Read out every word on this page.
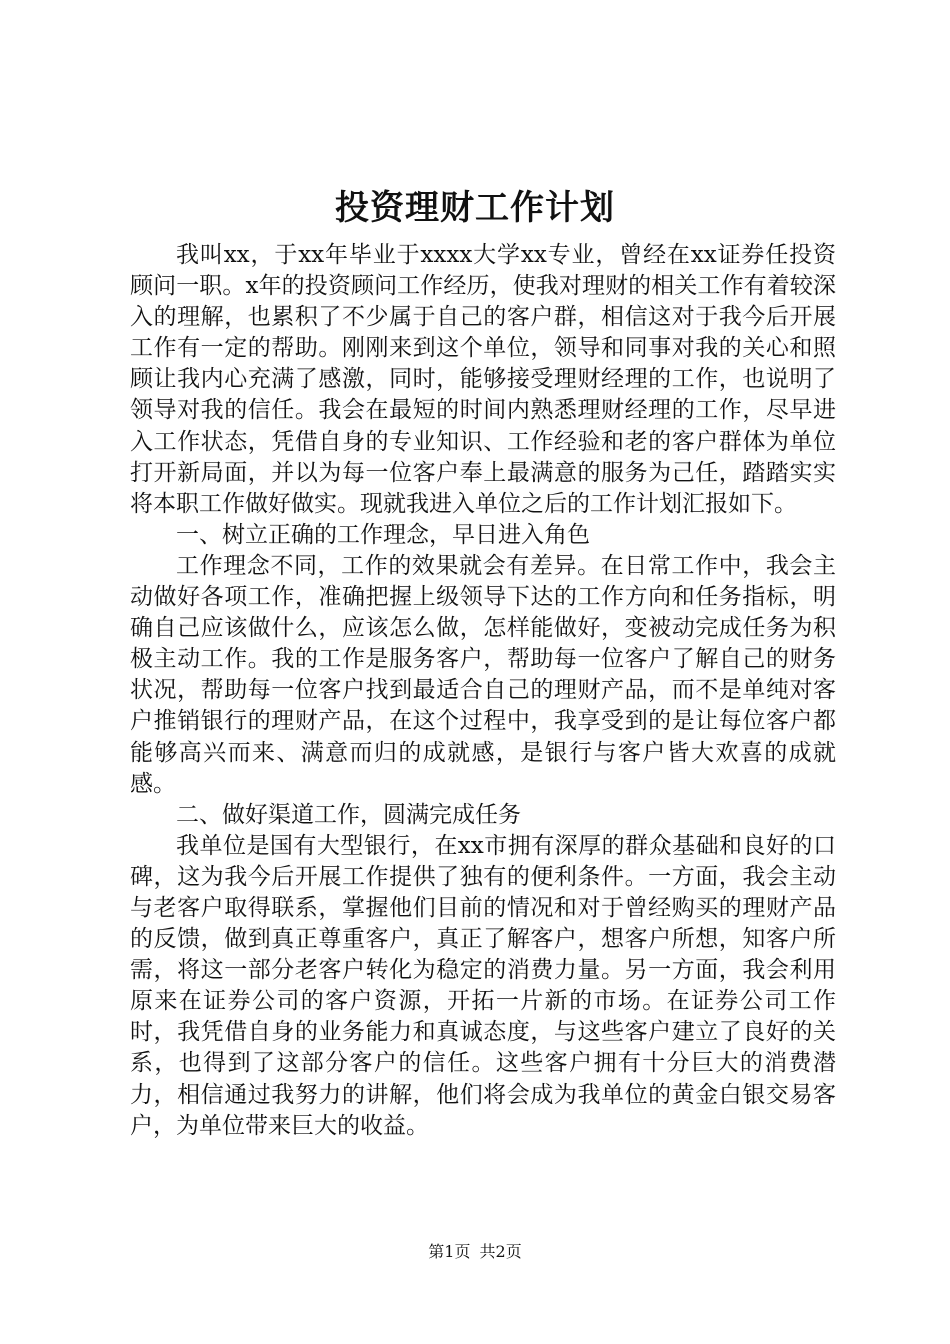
投资理财工作计划

我叫xx，于xx年毕业于xxxx大学xx专业，曾经在xx证券任投资顾问一职。x年的投资顾问工作经历，使我对理财的相关工作有着较深入的理解，也累积了不少属于自己的客户群，相信这对于我今后开展工作有一定的帮助。刚刚来到这个单位，领导和同事对我的关心和照顾让我内心充满了感激，同时，能够接受理财经理的工作，也说明了领导对我的信任。我会在最短的时间内熟悉理财经理的工作，尽早进入工作状态，凭借自身的专业知识、工作经验和老的客户群体为单位打开新局面，并以为每一位客户奉上最满意的服务为己任，踏踏实实将本职工作做好做实。现就我进入单位之后的工作计划汇报如下。

一、树立正确的工作理念，早日进入角色

工作理念不同，工作的效果就会有差异。在日常工作中，我会主动做好各项工作，准确把握上级领导下达的工作方向和任务指标，明确自己应该做什么，应该怎么做，怎样能做好，变被动完成任务为积极主动工作。我的工作是服务客户，帮助每一位客户了解自己的财务状况，帮助每一位客户找到最适合自己的理财产品，而不是单纯对客户推销银行的理财产品，在这个过程中，我享受到的是让每位客户都能够高兴而来、满意而归的成就感，是银行与客户皆大欢喜的成就感。

二、做好渠道工作，圆满完成任务

我单位是国有大型银行，在xx市拥有深厚的群众基础和良好的口碑，这为我今后开展工作提供了独有的便利条件。一方面，我会主动与老客户取得联系，掌握他们目前的情况和对于曾经购买的理财产品的反馈，做到真正尊重客户，真正了解客户，想客户所想，知客户所需，将这一部分老客户转化为稳定的消费力量。另一方面，我会利用原来在证券公司的客户资源，开拓一片新的市场。在证券公司工作时，我凭借自身的业务能力和真诚态度，与这些客户建立了良好的关系，也得到了这部分客户的信任。这些客户拥有十分巨大的消费潜力，相信通过我努力的讲解，他们将会成为我单位的黄金白银交易客户，为单位带来巨大的收益。

第1页 共2页
